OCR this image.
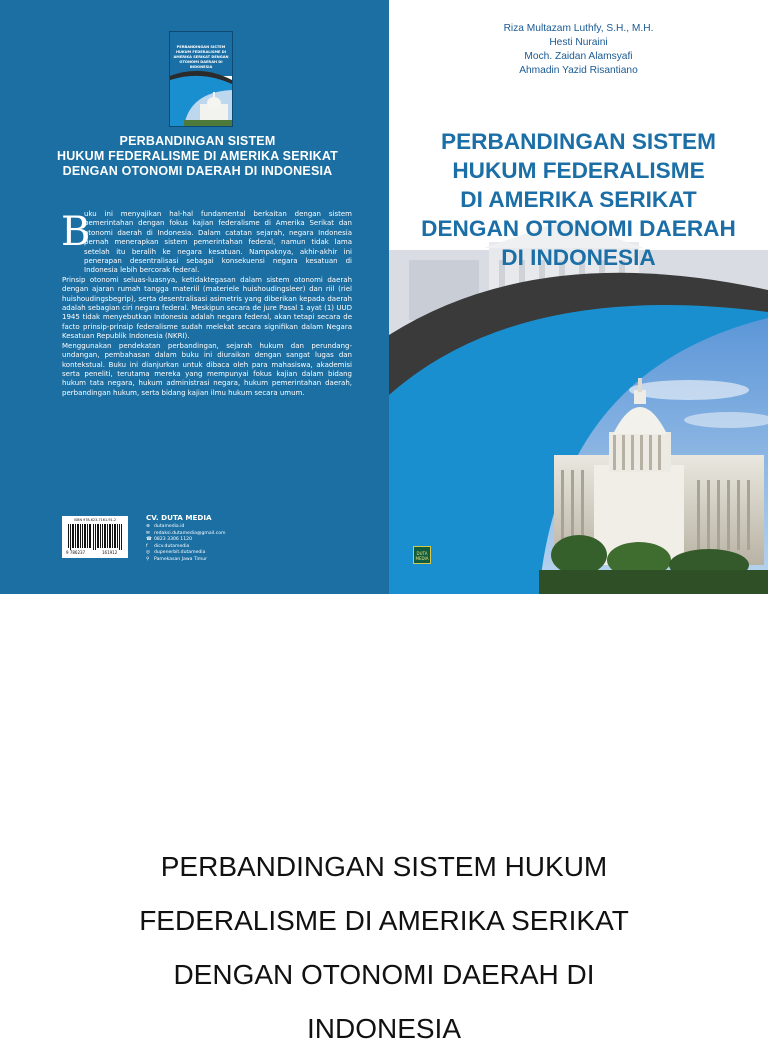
PERBANDINGAN SISTEM HUKUM FEDERALISME DI AMERIKA SERIKAT DENGAN OTONOMI DAERAH DI INDONESIA
PERBANDINGAN SISTEM
HUKUM FEDERALISME DI AMERIKA SERIKAT
DENGAN OTONOMI DAERAH DI INDONESIA
B

uku ini menyajikan hal-hal fundamental berkaitan dengan sistem pemerintahan dengan fokus kajian federalisme di Amerika Serikat dan otonomi daerah di Indonesia. Dalam catatan sejarah, negara Indonesia pernah menerapkan sistem pemerintahan federal, namun tidak lama setelah itu beralih ke negara kesatuan. Nampaknya, akhir-akhir ini penerapan desentralisasi sebagai konsekuensi negara kesatuan di Indonesia lebih bercorak federal.

Prinsip otonomi seluas-luasnya, ketidaktegasan dalam sistem otonomi daerah dengan ajaran rumah tangga materiil (materiele huishoudingsleer) dan riil (riel huishoudingsbegrip), serta desentralisasi asimetris yang diberikan kepada daerah adalah sebagian ciri negara federal. Meskipun secara de jure Pasal 1 ayat (1) UUD 1945 tidak menyebutkan Indonesia adalah negara federal, akan tetapi secara de facto prinsip-prinsip federalisme sudah melekat secara signifikan dalam Negara Kesatuan Republik Indonesia (NKRI).

Menggunakan pendekatan perbandingan, sejarah hukum dan perundang-undangan, pembahasan dalam buku ini diuraikan dengan sangat lugas dan kontekstual. Buku ini dianjurkan untuk dibaca oleh para mahasiswa, akademisi serta peneliti, terutama mereka yang mempunyai fokus kajian dalam bidang hukum tata negara, hukum administrasi negara, hukum pemerintahan daerah, perbandingan hukum, serta bidang kajian ilmu hukum secara umum.

ISBN 978-623-7161-91-2
9 786237	161912
CV. DUTA MEDIA
⊕ dutamedia.id
✉ redaksi.dutamedia@gmail.com
☎ 0823 3306 1120
f dicv.dutamedia
◎ dupenerbit.dutamedia
⚲ Pamekasan Jawa Timur
Riza Multazam Luthfy, S.H., M.H.
Hesti Nuraini
Moch. Zaidan Alamsyafi
Ahmadin Yazid Risantiano
PERBANDINGAN SISTEM
HUKUM FEDERALISME
DI AMERIKA SERIKAT
DENGAN OTONOMI DAERAH
DI INDONESIA
DUTA MEDIA
PERBANDINGAN SISTEM HUKUM
FEDERALISME DI AMERIKA SERIKAT
DENGAN OTONOMI DAERAH DI
INDONESIA
